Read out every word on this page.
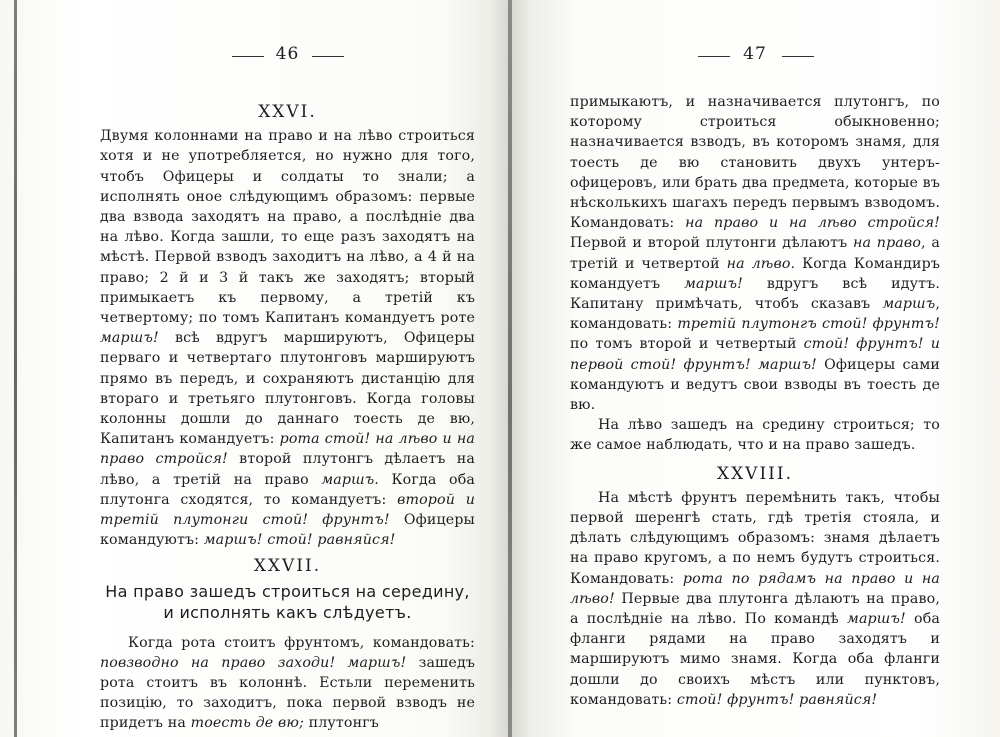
46
XXVI.

Двумя колоннами на право и на лѣво строиться хотя и не употребляется, но нужно для того, чтобъ Офицеры и солдаты то знали; а исполнять оное слѣдующимъ образомъ: первые два взвода заходятъ на право, а послѣдніе два на лѣво. Когда зашли, то еще разъ заходятъ на мѣстѣ. Первой взводъ заходитъ на лѣво, а 4 й на право; 2 й и 3 й такъ же заходятъ; вторый примыкаетъ къ первому, а третій къ четвертому; по томъ Капитанъ командуетъ роте маршъ! всѣ вдругъ маршируютъ, Офицеры перваго и четвертаго плутонговъ маршируютъ прямо въ передъ, и сохраняютъ дистанцію для втораго и третьяго плутонговъ. Когда головы колонны дошли до даннаго тоесть де вю, Капитанъ командуетъ: рота стой! на лѣво и на право стройся! второй плутонгъ дѣлаетъ на лѣво, а третій на право маршъ. Когда оба плутонга сходятся, то командуетъ: второй и третій плутонги стой! фрунтъ! Офицеры командуютъ: маршъ! стой! равняйся!

XXVII.
На право зашедъ строиться на середину,
и исполнять какъ слѣдуетъ.

Когда рота стоитъ фрунтомъ, командовать: повзводно на право заходи! маршъ! зашедъ рота стоитъ въ колоннѣ. Естьли переменить позицію, то заходитъ, пока первой взводъ не придетъ на тоесть де вю; плутонгъ

47

примыкаютъ, и назначивается плутонгъ, по которому строиться обыкновенно; назначивается взводъ, въ которомъ знамя, для тоесть де вю становить двухъ унтеръ-офицеровъ, или брать два предмета, которые въ нѣсколькихъ шагахъ передъ первымъ взводомъ. Командовать: на право и на лѣво стройся! Первой и второй плутонги дѣлаютъ на право, а третій и четвертой на лѣво. Когда Командиръ командуетъ маршъ! вдругъ всѣ идутъ. Капитану примѣчать, чтобъ сказавъ маршъ, командовать: третій плутонгъ стой! фрунтъ! по томъ второй и четвертый стой! фрунтъ! и первой стой! фрунтъ! маршъ! Офицеры сами командуютъ и ведутъ свои взводы въ тоесть де вю.

На лѣво зашедъ на средину строиться; то же самое наблюдать, что и на право зашедъ.

XXVIII.

На мѣстѣ фрунтъ перемѣнить такъ, чтобы первой шеренгѣ стать, гдѣ третія стояла, и дѣлать слѣдующимъ образомъ: знамя дѣлаетъ на право кругомъ, а по немъ будутъ строиться. Командовать: рота по рядамъ на право и на лѣво! Первые два плутонга дѣлаютъ на право, а послѣдніе на лѣво. По командѣ маршъ! оба фланги рядами на право заходятъ и маршируютъ мимо знамя. Когда оба фланги дошли до своихъ мѣстъ или пунктовъ, командовать: стой! фрунтъ! равняйся!
